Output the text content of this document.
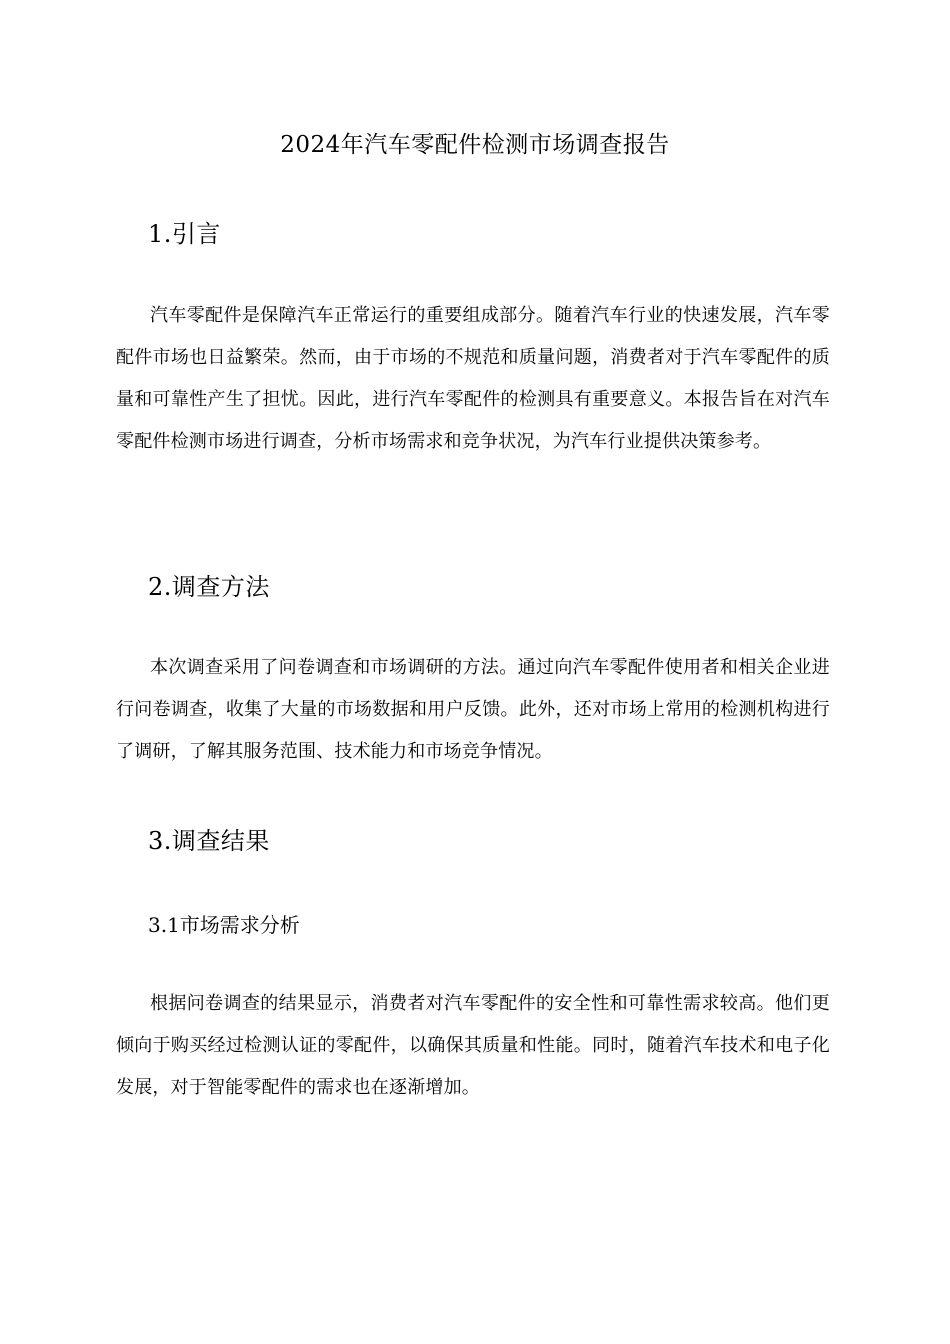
2024年汽车零配件检测市场调查报告
1.引言
汽车零配件是保障汽车正常运行的重要组成部分。随着汽车行业的快速发展，汽车零配件市场也日益繁荣。然而，由于市场的不规范和质量问题，消费者对于汽车零配件的质量和可靠性产生了担忧。因此，进行汽车零配件的检测具有重要意义。本报告旨在对汽车零配件检测市场进行调查，分析市场需求和竞争状况，为汽车行业提供决策参考。
2.调查方法
本次调查采用了问卷调查和市场调研的方法。通过向汽车零配件使用者和相关企业进行问卷调查，收集了大量的市场数据和用户反馈。此外，还对市场上常用的检测机构进行了调研，了解其服务范围、技术能力和市场竞争情况。
3.调查结果
3.1市场需求分析
根据问卷调查的结果显示，消费者对汽车零配件的安全性和可靠性需求较高。他们更倾向于购买经过检测认证的零配件，以确保其质量和性能。同时，随着汽车技术和电子化发展，对于智能零配件的需求也在逐渐增加。
